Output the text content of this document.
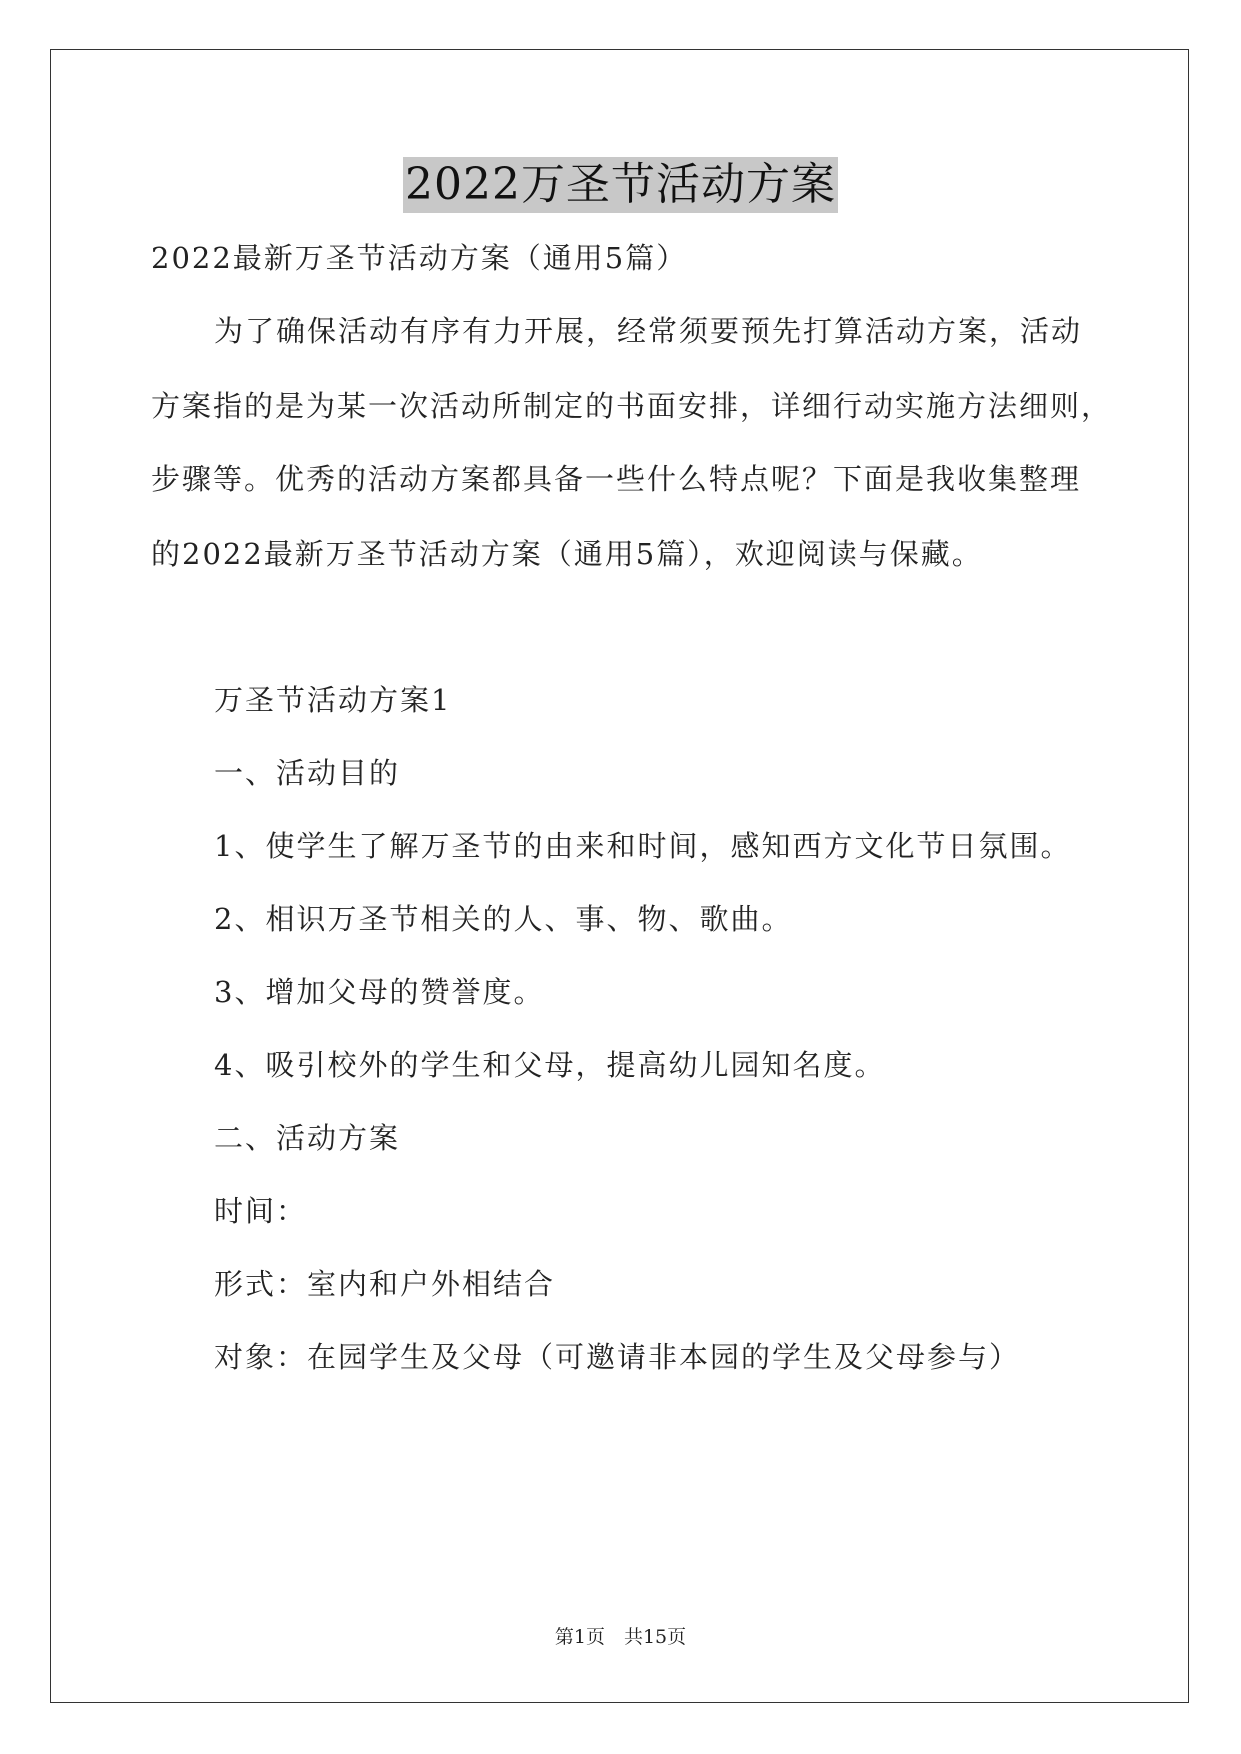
2022万圣节活动方案
2022最新万圣节活动方案（通用5篇）
为了确保活动有序有力开展，经常须要预先打算活动方案，活动
方案指的是为某一次活动所制定的书面安排，详细行动实施方法细则，
步骤等。优秀的活动方案都具备一些什么特点呢？下面是我收集整理
的2022最新万圣节活动方案（通用5篇），欢迎阅读与保藏。
万圣节活动方案1
一、活动目的
1、使学生了解万圣节的由来和时间，感知西方文化节日氛围。
2、相识万圣节相关的人、事、物、歌曲。
3、增加父母的赞誉度。
4、吸引校外的学生和父母，提高幼儿园知名度。
二、活动方案
时间：
形式：室内和户外相结合
对象：在园学生及父母（可邀请非本园的学生及父母参与）
第1页　共15页
